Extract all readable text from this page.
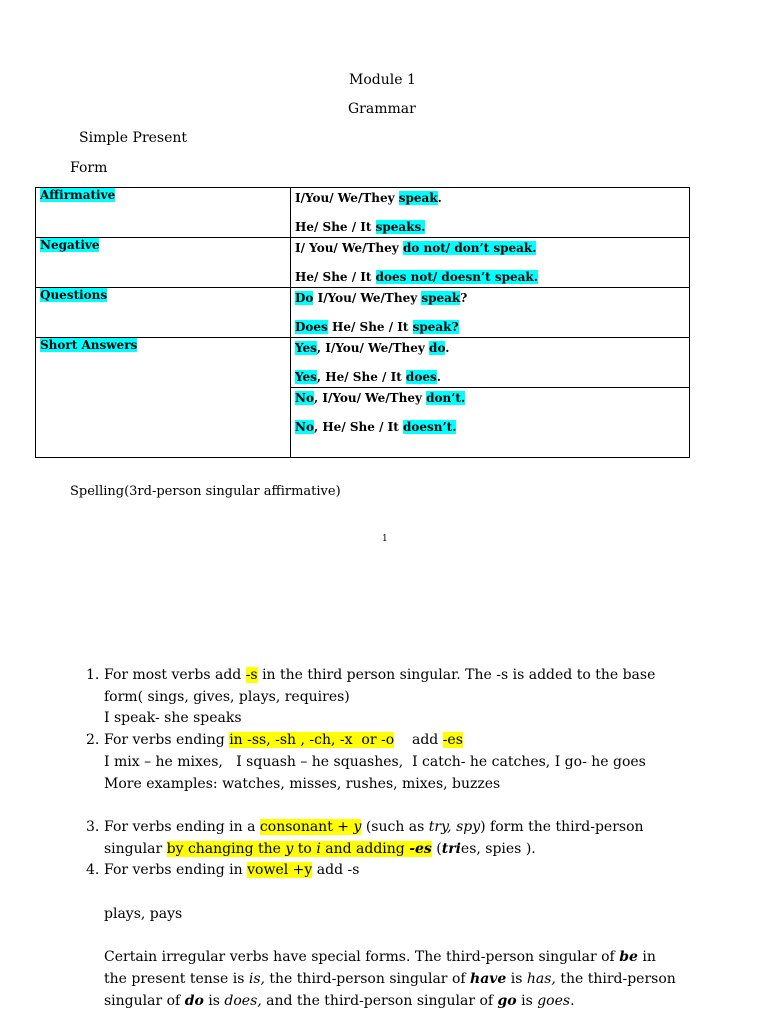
Module 1
Grammar
Simple Present
Form
Affirmative	I/You/ We/They speak.
He/ She / It speaks.

Negative	I/ You/ We/They do not/ don’t speak.
He/ She / It does not/ doesn’t speak.

Questions	Do I/You/ We/They speak?
Does He/ She / It speak?

Short Answers	Yes, I/You/ We/They do.
Yes, He/ She / It does.

	No, I/You/ We/They don’t.
No, He/ She / It doesn’t.
Spelling(3rd-person singular affirmative)
1
1. For most verbs add -s in the third person singular. The -s is added to the base
form( sings, gives, plays, requires)
I speak- she speaks
2. For verbs ending in -ss, -sh , -ch, -x  or -o    add -es
I mix – he mixes,   I squash – he squashes,  I catch- he catches, I go- he goes
More examples: watches, misses, rushes, mixes, buzzes
3. For verbs ending in a consonant + y (such as try, spy) form the third-person
singular by changing the y to i and adding -es (tries, spies ).
4. For verbs ending in vowel +y add -s
plays, pays
Certain irregular verbs have special forms. The third-person singular of be in
the present tense is is, the third-person singular of have is has, the third-person
singular of do is does, and the third-person singular of go is goes.
